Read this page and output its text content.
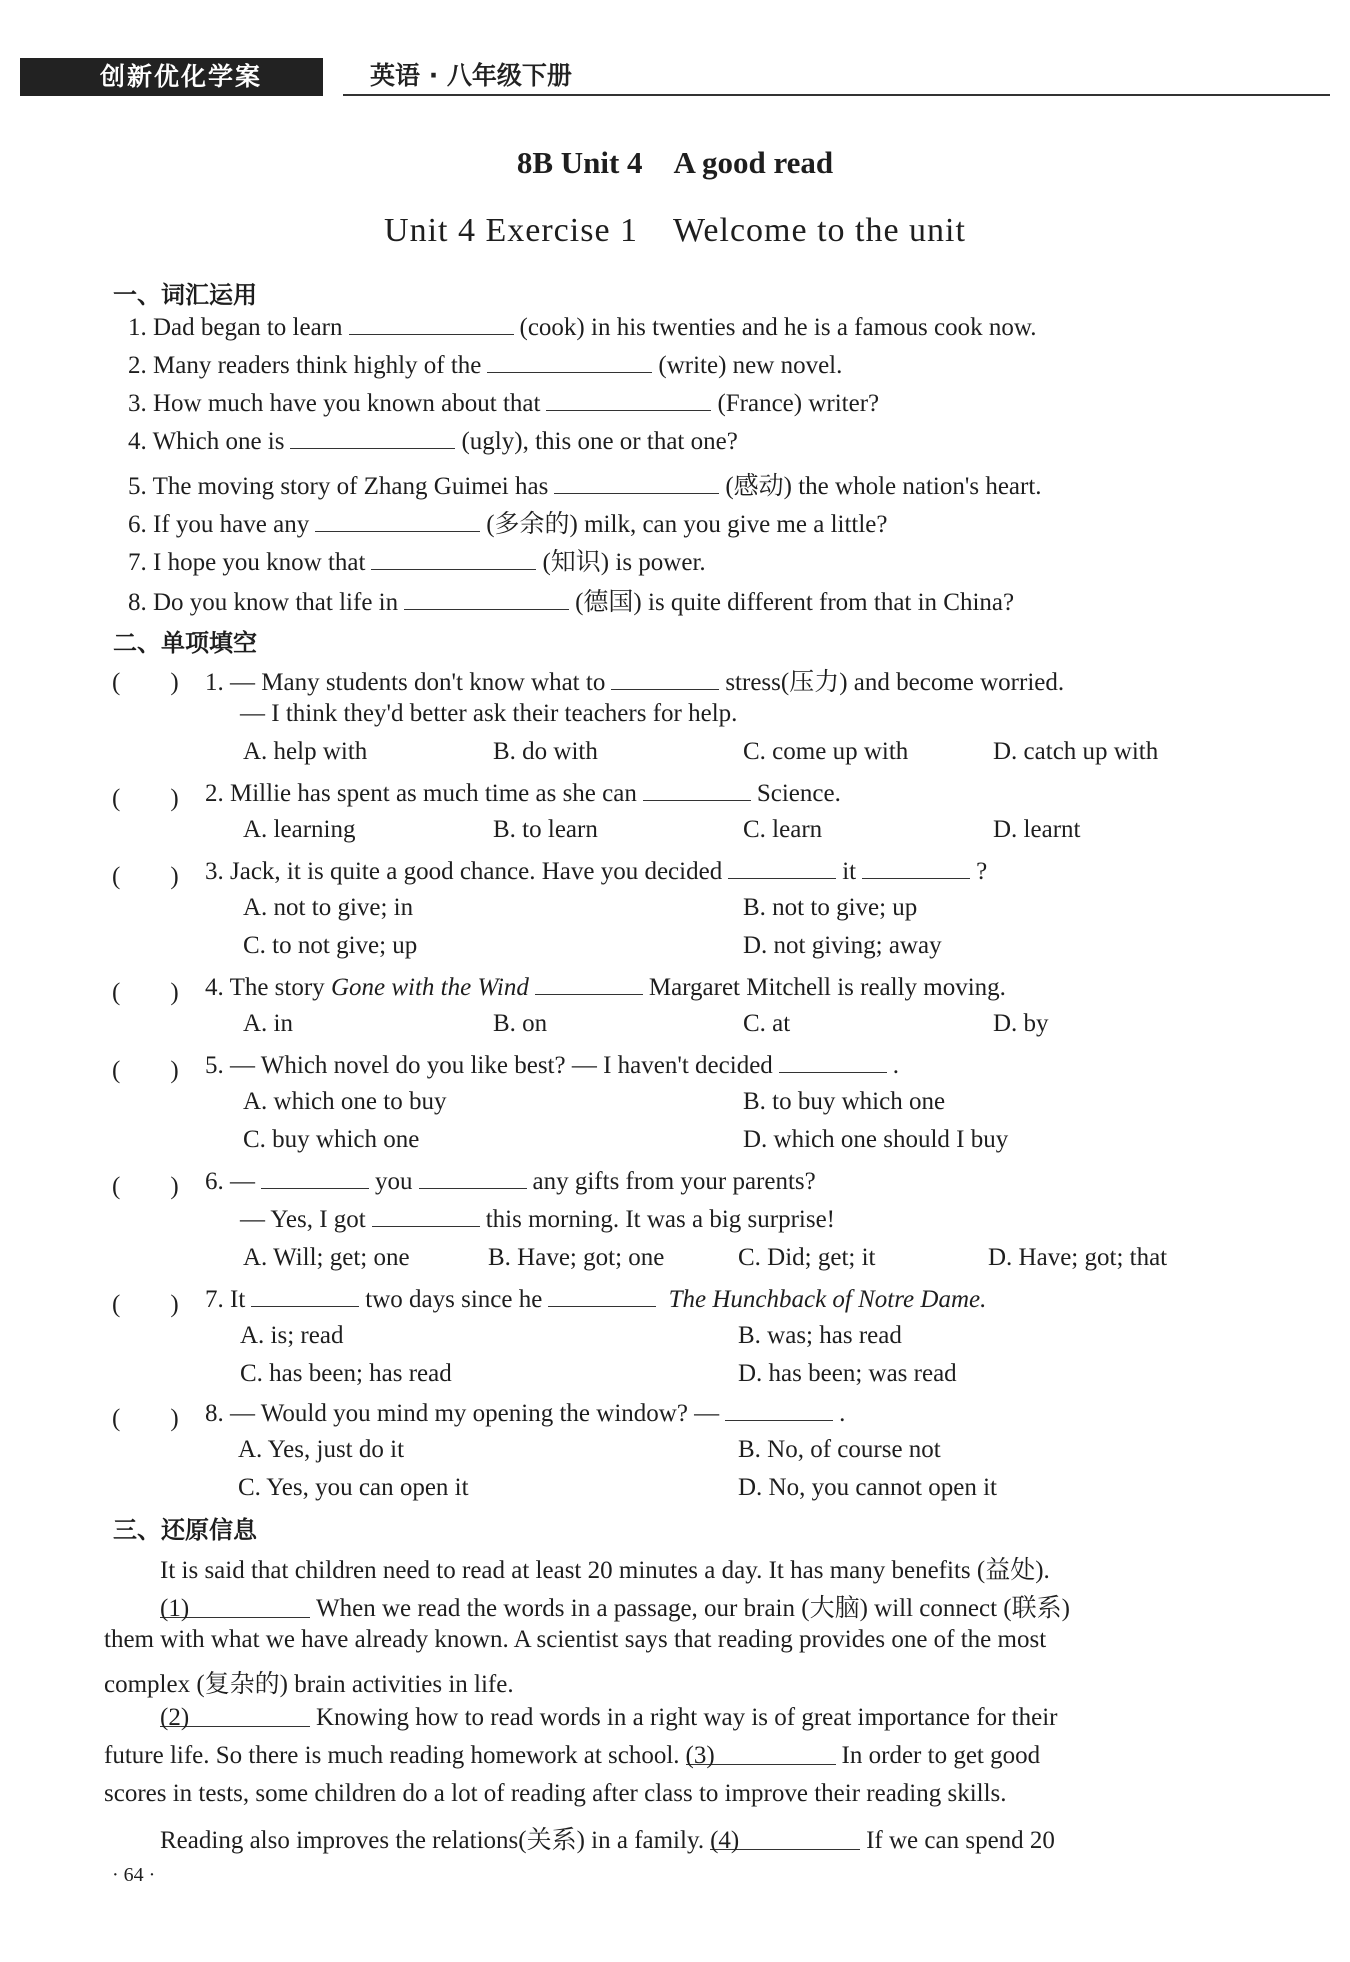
创新优化学案	英语 · 八年级下册
8B Unit 4　A good read
Unit 4 Exercise 1　Welcome to the unit
一、词汇运用
1. Dad began to learn	(cook) in his twenties and he is a famous cook now.
2. Many readers think highly of the	(write) new novel.
3. How much have you known about that	(France) writer?
4. Which one is	(ugly), this one or that one?
5. The moving story of Zhang Guimei has	(感动) the whole nation's heart.
6. If you have any	(多余的) milk, can you give me a little?
7. I hope you know that	(知识) is power.
8. Do you know that life in	(德国) is quite different from that in China?
二、单项填空
(　　) 1. — Many students don't know what to	stress(压力) and become worried.
— I think they'd better ask their teachers for help.
A. help with	B. do with	C. come up with	D. catch up with
(　　) 2. Millie has spent as much time as she can	Science.
A. learning	B. to learn	C. learn	D. learnt
(　　) 3. Jack, it is quite a good chance. Have you decided	it	?
A. not to give; in	B. not to give; up
C. to not give; up	D. not giving; away
(　　) 4. The story Gone with the Wind	Margaret Mitchell is really moving.
A. in	B. on	C. at	D. by
(　　) 5. — Which novel do you like best? — I haven't decided	.
A. which one to buy	B. to buy which one
C. buy which one	D. which one should I buy
(　　) 6. —	you	any gifts from your parents?
— Yes, I got	this morning. It was a big surprise!
A. Will; get; one	B. Have; got; one	C. Did; get; it	D. Have; got; that
(　　) 7. It	two days since he	The Hunchback of Notre Dame.
A. is; read	B. was; has read
C. has been; has read	D. has been; was read
(　　) 8. — Would you mind my opening the window? —	.
A. Yes, just do it	B. No, of course not
C. Yes, you can open it	D. No, you cannot open it
三、还原信息
It is said that children need to read at least 20 minutes a day. It has many benefits (益处).
(1)	When we read the words in a passage, our brain (大脑) will connect (联系)
them with what we have already known. A scientist says that reading provides one of the most
complex (复杂的) brain activities in life.
(2)	Knowing how to read words in a right way is of great importance for their
future life. So there is much reading homework at school. (3)	In order to get good
scores in tests, some children do a lot of reading after class to improve their reading skills.
Reading also improves the relations(关系) in a family. (4)	If we can spend 20
· 64 ·
